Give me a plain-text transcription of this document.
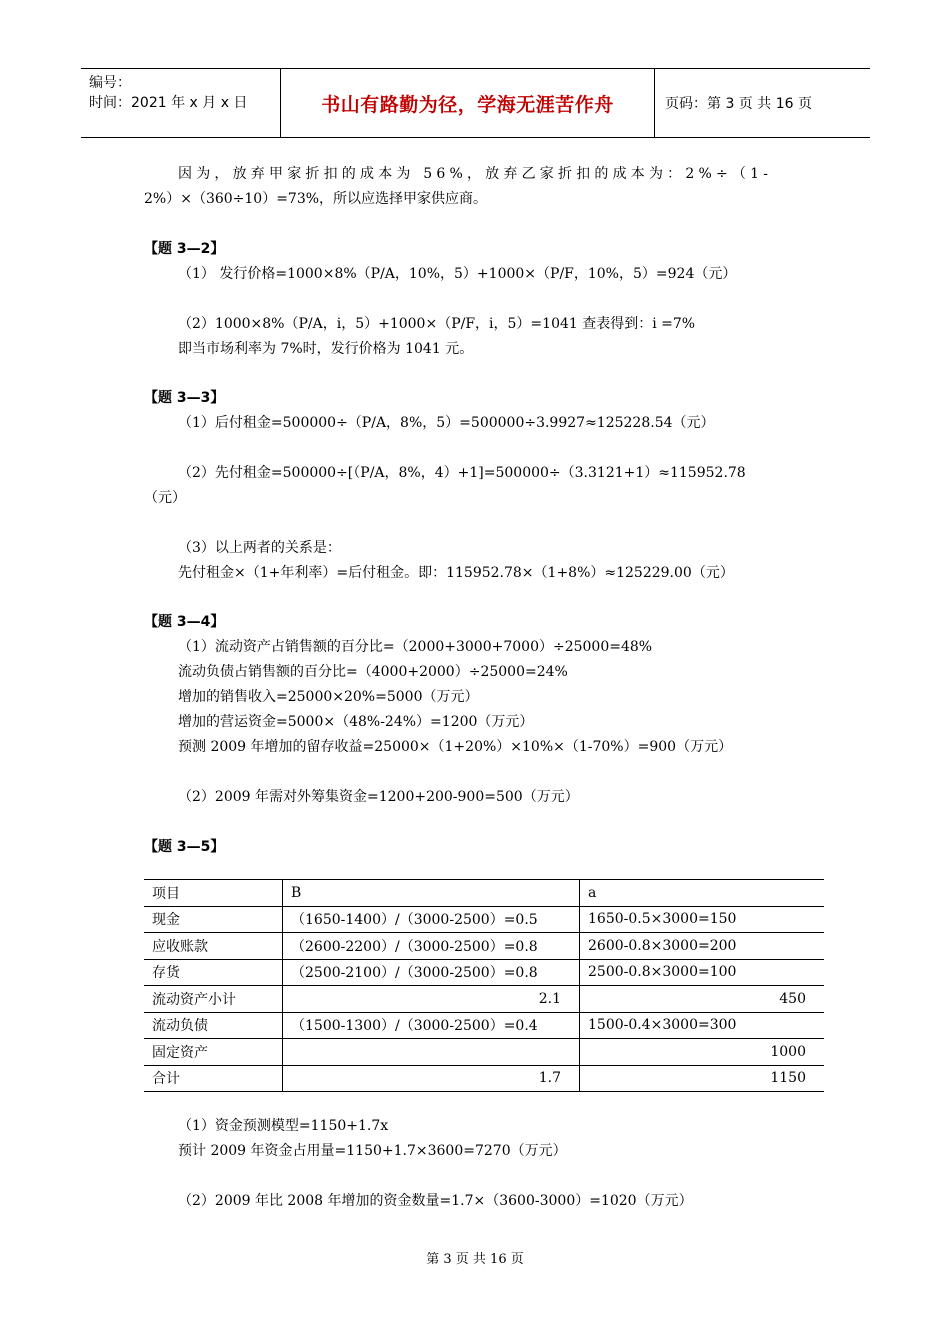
编号：
时间：2021 年 x 月 x 日	书山有路勤为径，学海无涯苦作舟	页码：第 3 页 共 16 页
因为，放弃甲家折扣的成本为 56%，放弃乙家折扣的成本为：2%÷（1-
2%）×（360÷10）=73%，所以应选择甲家供应商。
【题 3—2】
（1） 发行价格=1000×8%（P/A，10%，5）+1000×（P/F，10%，5）=924（元）
（2）1000×8%（P/A，i，5）+1000×（P/F，i，5）=1041 查表得到：i =7%
即当市场利率为 7%时，发行价格为 1041 元。
【题 3—3】
（1）后付租金=500000÷（P/A，8%，5）=500000÷3.9927≈125228.54（元）
（2）先付租金=500000÷[（P/A，8%，4）+1]=500000÷（3.3121+1）≈115952.78
（元）
（3）以上两者的关系是：
先付租金×（1+年利率）=后付租金。即：115952.78×（1+8%）≈125229.00（元）
【题 3—4】
（1）流动资产占销售额的百分比=（2000+3000+7000）÷25000=48%
流动负债占销售额的百分比=（4000+2000）÷25000=24%
增加的销售收入=25000×20%=5000（万元）
增加的营运资金=5000×（48%-24%）=1200（万元）
预测 2009 年增加的留存收益=25000×（1+20%）×10%×（1-70%）=900（万元）
（2）2009 年需对外筹集资金=1200+200-900=500（万元）
【题 3—5】
项目	B	a
现金	（1650-1400）/（3000-2500）=0.5	1650-0.5×3000=150
应收账款	（2600-2200）/（3000-2500）=0.8	2600-0.8×3000=200
存货	（2500-2100）/（3000-2500）=0.8	2500-0.8×3000=100
流动资产小计	2.1	450
流动负债	（1500-1300）/（3000-2500）=0.4	1500-0.4×3000=300
固定资产		1000
合计	1.7	1150
（1）资金预测模型=1150+1.7x
预计 2009 年资金占用量=1150+1.7×3600=7270（万元）
（2）2009 年比 2008 年增加的资金数量=1.7×（3600-3000）=1020（万元）
第 3 页 共 16 页
